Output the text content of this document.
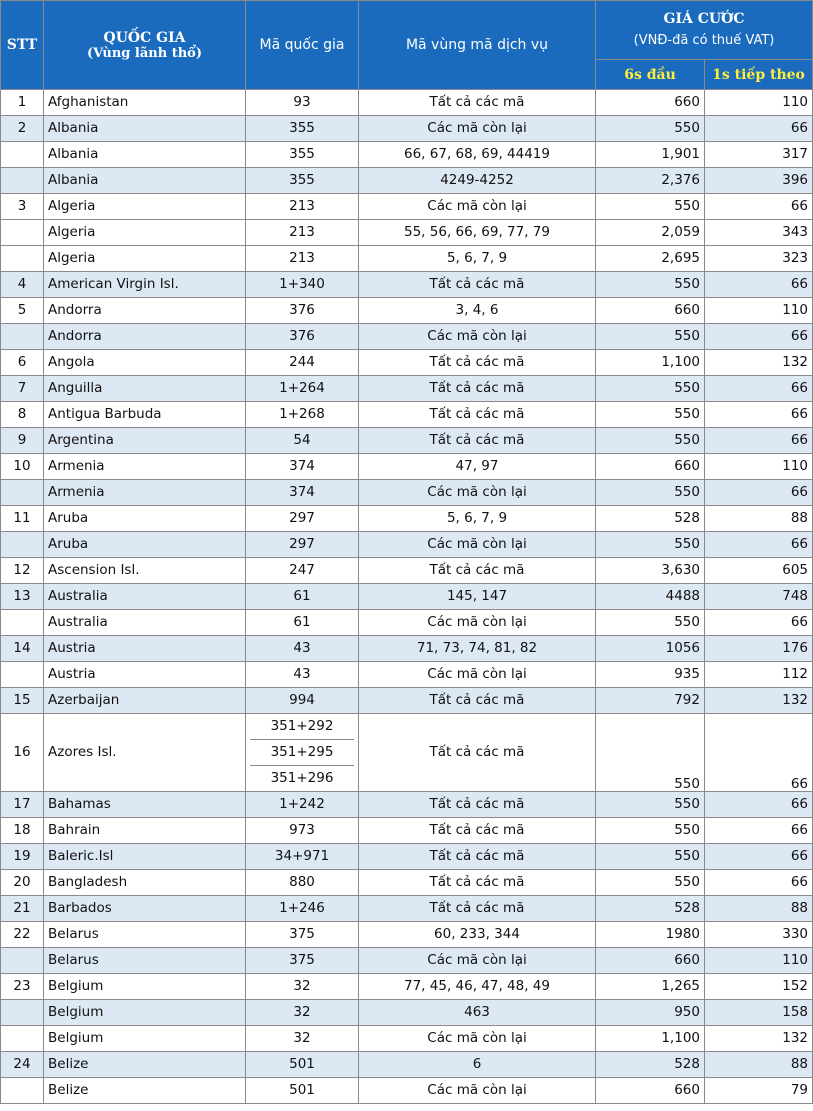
STT	QUỐC GIA
(Vùng lãnh thổ)	Mã quốc gia	Mã vùng mã dịch vụ	GIÁ CƯỚC
(VNĐ-đã có thuế VAT)	

				6s đầu	1s tiếp theo
1	Afghanistan	93	Tất cả các mã	660	110
2	Albania	355	Các mã còn lại	550	66
	Albania	355	66, 67, 68, 69, 44419	1,901	317
	Albania	355	4249-4252	2,376	396
3	Algeria	213	Các mã còn lại	550	66
	Algeria	213	55, 56, 66, 69, 77, 79	2,059	343
	Algeria	213	5, 6, 7, 9	2,695	323
4	American Virgin Isl.	1+340	Tất cả các mã	550	66
5	Andorra	376	3, 4, 6	660	110
	Andorra	376	Các mã còn lại	550	66
6	Angola	244	Tất cả các mã	1,100	132
7	Anguilla	1+264	Tất cả các mã	550	66
8	Antigua Barbuda	1+268	Tất cả các mã	550	66
9	Argentina	54	Tất cả các mã	550	66
10	Armenia	374	47, 97	660	110
	Armenia	374	Các mã còn lại	550	66
11	Aruba	297	5, 6, 7, 9	528	88
	Aruba	297	Các mã còn lại	550	66
12	Ascension Isl.	247	Tất cả các mã	3,630	605
13	Australia	61	145, 147	4488	748
	Australia	61	Các mã còn lại	550	66
14	Austria	43	71, 73, 74, 81, 82	1056	176
	Austria	43	Các mã còn lại	935	112
15	Azerbaijan	994	Tất cả các mã	792	132
16	Azores Isl.	351+292
351+295
351+296	Tất cả các mã	550	66
17	Bahamas	1+242	Tất cả các mã	550	66
18	Bahrain	973	Tất cả các mã	550	66
19	Baleric.Isl	34+971	Tất cả các mã	550	66
20	Bangladesh	880	Tất cả các mã	550	66
21	Barbados	1+246	Tất cả các mã	528	88
22	Belarus	375	60, 233, 344	1980	330
	Belarus	375	Các mã còn lại	660	110
23	Belgium	32	77, 45, 46, 47, 48, 49	1,265	152
	Belgium	32	463	950	158
	Belgium	32	Các mã còn lại	1,100	132
24	Belize	501	6	528	88
	Belize	501	Các mã còn lại	660	79
